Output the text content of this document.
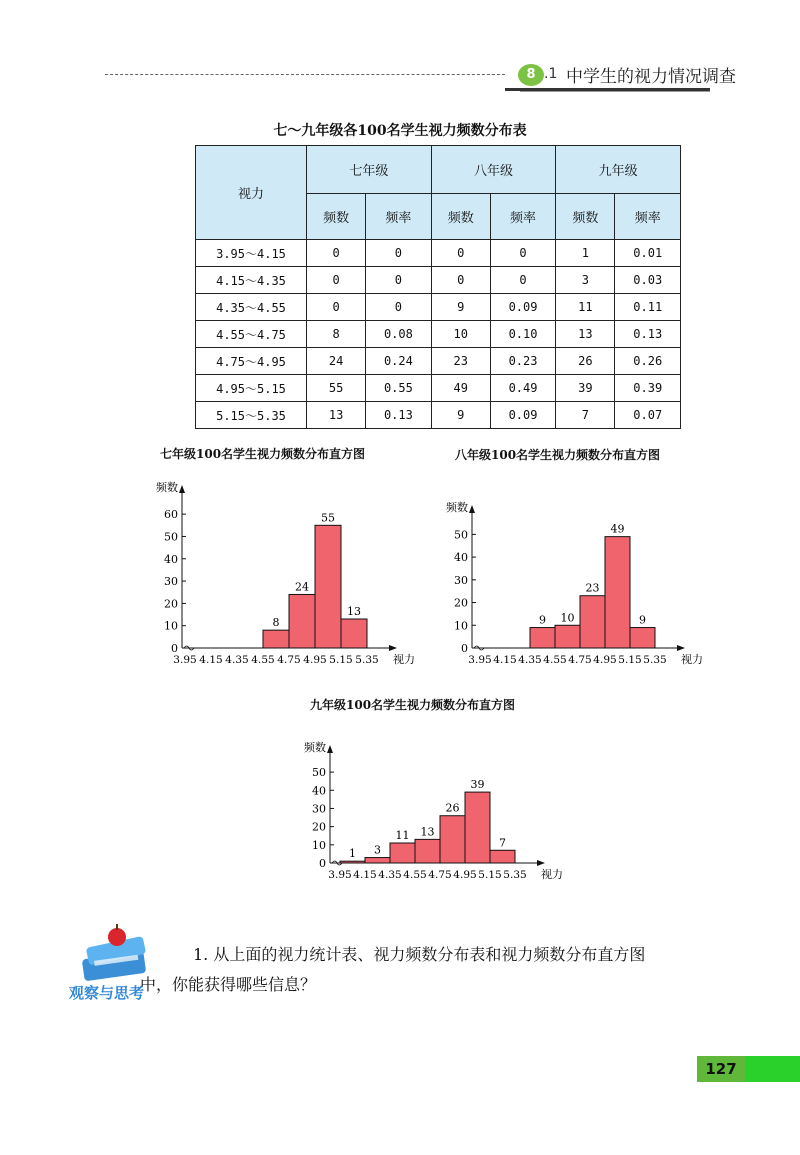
8 .1 中学生的视力情况调查
七～九年级各100名学生视力频数分布表
视力	七年级		八年级		九年级	
	频数	频率	频数	频率	频数	频率
3.95～4.15	0	0	0	0	1	0.01
4.15～4.35	0	0	0	0	3	0.03
4.35～4.55	0	0	9	0.09	11	0.11
4.55～4.75	8	0.08	10	0.10	13	0.13
4.75～4.95	24	0.24	23	0.23	26	0.26
4.95～5.15	55	0.55	49	0.49	39	0.39
5.15～5.35	13	0.13	9	0.09	7	0.07
七年级100名学生视力频数分布直方图	八年级100名学生视力频数分布直方图
九年级100名学生视力频数分布直方图
频数
视力
0
10
20
30
40
50
60
3.95 4.15 4.35 4.55 4.75 4.95 5.15 5.35
8
24
55
13
频数
视力
0
10
20
30
40
50
3.95 4.15 4.35 4.55 4.75 4.95 5.15 5.35
9 10
23
49
9
频数
视力
0
10
20
30
40
50
3.95 4.15 4.35 4.55 4.75 4.95 5.15 5.35
1 3
11 13
26
39
7
观察与思考
1. 从上面的视力统计表、视力频数分布表和视力频数分布直方图
中，你能获得哪些信息？
127
